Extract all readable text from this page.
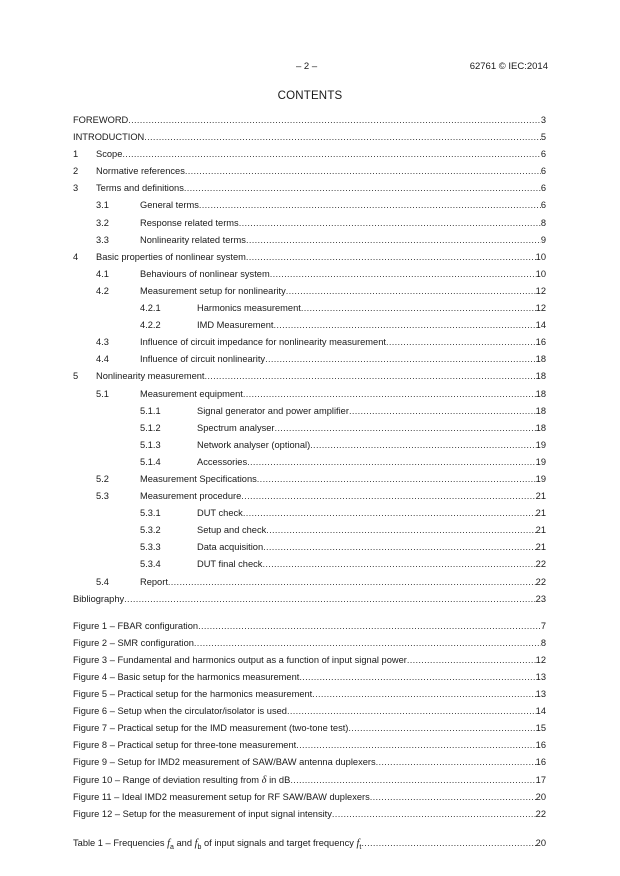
– 2 –	62761 © IEC:2014
CONTENTS
FOREWORD .....	3
INTRODUCTION .....	5
1 Scope .....	6
2 Normative references .....	6
3 Terms and definitions .....	6
3.1	General terms .....	6
3.2	Response related terms .....	8
3.3	Nonlinearity related terms .....	9
4 Basic properties of nonlinear system .....	10
4.1	Behaviours of nonlinear system .....	10
4.2	Measurement setup for nonlinearity .....	12
4.2.1	Harmonics measurement .....	12
4.2.2	IMD Measurement .....	14
4.3	Influence of circuit impedance for nonlinearity measurement .....	16
4.4	Influence of circuit nonlinearity .....	18
5 Nonlinearity measurement .....	18
5.1	Measurement equipment .....	18
5.1.1	Signal generator and power amplifier .....	18
5.1.2	Spectrum analyser .....	18
5.1.3	Network analyser (optional) .....	19
5.1.4	Accessories .....	19
5.2	Measurement Specifications .....	19
5.3	Measurement procedure .....	21
5.3.1	DUT check .....	21
5.3.2	Setup and check .....	21
5.3.3	Data acquisition .....	21
5.3.4	DUT final check .....	22
5.4	Report .....	22
Bibliography .....	23
Figure 1 – FBAR configuration .....	7
Figure 2 – SMR configuration .....	8
Figure 3 – Fundamental and harmonics output as a function of input signal power .....	12
Figure 4 – Basic setup for the harmonics measurement .....	13
Figure 5 – Practical setup for the harmonics measurement .....	13
Figure 6 – Setup when the circulator/isolator is used .....	14
Figure 7 – Practical setup for the IMD measurement (two-tone test) .....	15
Figure 8 – Practical setup for three-tone measurement .....	16
Figure 9 – Setup for IMD2 measurement of SAW/BAW antenna duplexers .....	16
Figure 10 – Range of deviation resulting from δ in dB .....	17
Figure 11 – Ideal IMD2 measurement setup for RF SAW/BAW duplexers .....	20
Figure 12 – Setup for the measurement of input signal intensity .....	22
Table 1 – Frequencies $f_a$ and $f_b$ of input signals and target frequency $f_t$ .....	20
